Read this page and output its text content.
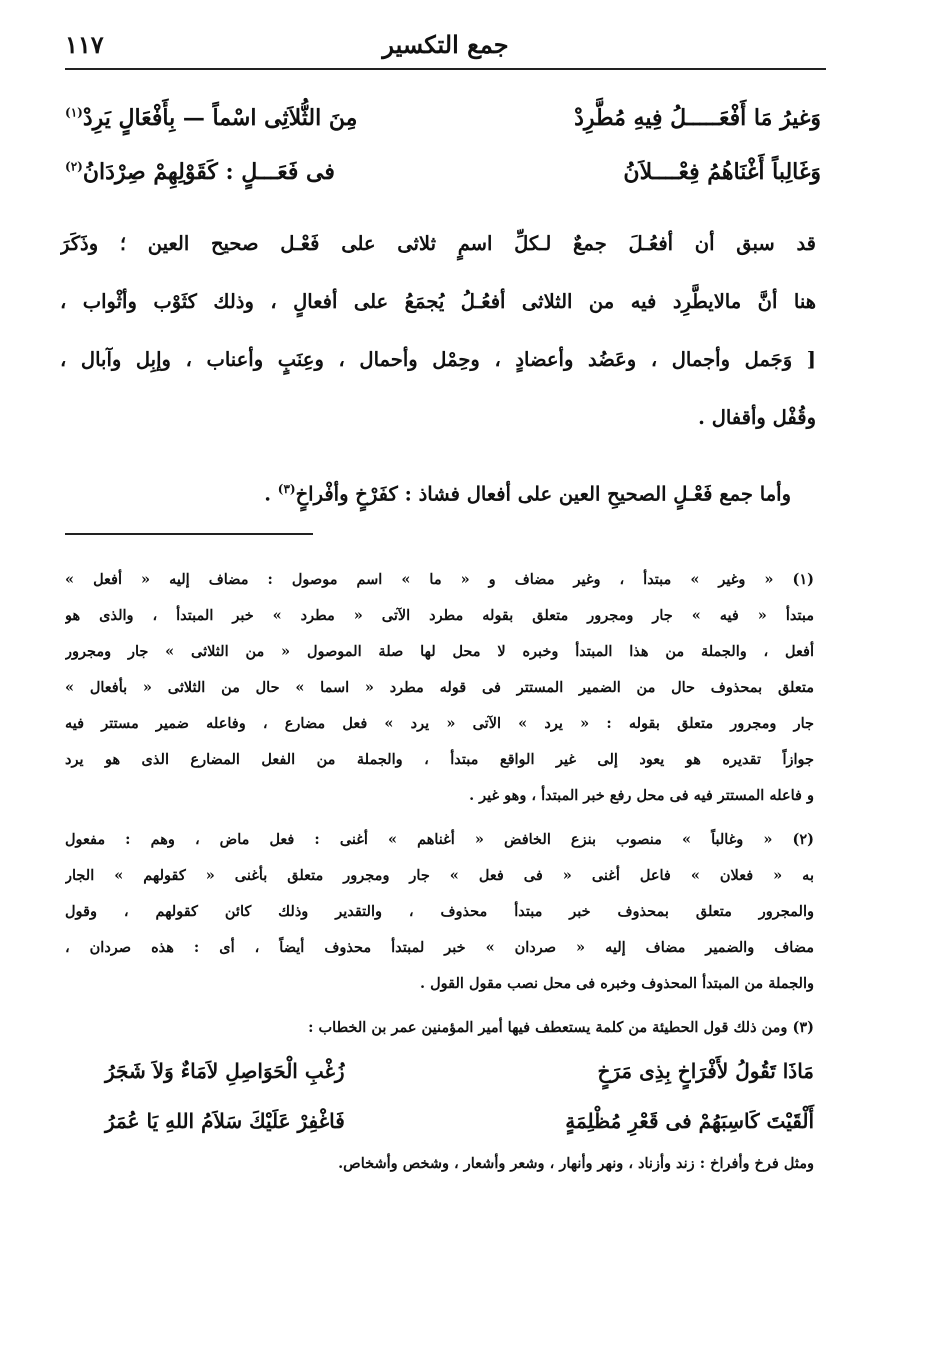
جمع التكسير
١١٧
وَغيرُ مَا أَفْعَـــــلُ فِيهِ مُطَّرِدْ
مِنَ الثُّلاَثِى اسْماً — بِأَفْعَالٍ يَرِدْ$^{(١)}$
وَغَالِباً أَغْنَاهُمُ فِعْــــلاَنُ
فى فَعَـــلٍ : كَقَوْلِهِمْ صِرْدَانُ$^{(٢)}$
قد سبق أن أفعُـلَ جمعٌ لـكلِّ اسمٍ ثلاثى على فَعْـل صحيح العين ؛ وذَكَرَ
هنا أنَّ مالايطَّرِد فيه من الثلاثى أفعُـلُ يُجمَعُ على أفعالٍ ، وذلك كثَوْب وأثْواب ،
[ وَجَمل وأجمال ، وعَضُد وأعضادٍ ، وحِمْل وأحمال ، وعِنَبٍ وأعناب ، وإبِل وآبال ،
وقُفْل وأقفال .
وأما جمع فَعْـلٍ الصحيحِ العين على أفعال فشاذ : كفَرْخٍ وأفْراخٍ$^{(٣)}$ .
(١) « وغير » مبتدأ ، وغير مضاف و « ما » اسم موصول : مضاف إليه « أفعل »
مبتدأ « فيه » جار ومجرور متعلق بقوله مطرد الآتى « مطرد » خبر المبتدأ ، والذى هو
أفعل ، والجملة من هذا المبتدأ وخبره لا محل لها صلة الموصول « من الثلاثى » جار ومجرور
متعلق بمحذوف حال من الضمير المستتر فى قوله مطرد « اسما » حال من الثلاثى « بأفعال »
جار ومجرور متعلق بقوله : « يرد » الآتى « يرد » فعل مضارع ، وفاعله ضمير مستتر فيه
جوازاً تقديره هو يعود إلى غير الواقع مبتدأ ، والجملة من الفعل المضارع الذى هو يرد
و فاعله المستتر فيه فى محل رفع خبر المبتدأ ، وهو غير .
(٢) « وغالباً » منصوب بنزع الخافض « أغناهم » أغنى : فعل ماض ، وهم : مفعول
به « فعلان » فاعل أغنى « فى فعل » جار ومجرور متعلق بأغنى « كقولهم » الجار
والمجرور متعلق بمحذوف خبر مبتدأ محذوف ، والتقدير وذلك كائن كقولهم ، وقول
مضاف والضمير مضاف إليه « صردان » خبر لمبتدأ محذوف أيضاً ، أى : هذه صردان ،
والجملة من المبتدأ المحذوف وخبره فى محل نصب مقول القول .
(٣) ومن ذلك قول الحطيئة من كلمة يستعطف فيها أمير المؤمنين عمر بن الخطاب :
مَاذَا تَقُولُ لأَفْرَاخٍ بِذِى مَرَخٍ
زُغْبِ الْحَوَاصِلِ لاَمَاءٌ وَلاَ شَجَرُ
أَلْقَيْتَ كَاسِبَهُمْ فى قَعْرِ مُظْلِمَةٍ
فَاغْفِرْ عَلَيْكَ سَلاَمُ اللهِ يَا عُمَرُ
ومثل فرخ وأفراخ : زند وأزناد ، ونهر وأنهار ، وشعر وأشعار ، وشخص وأشخاص.
